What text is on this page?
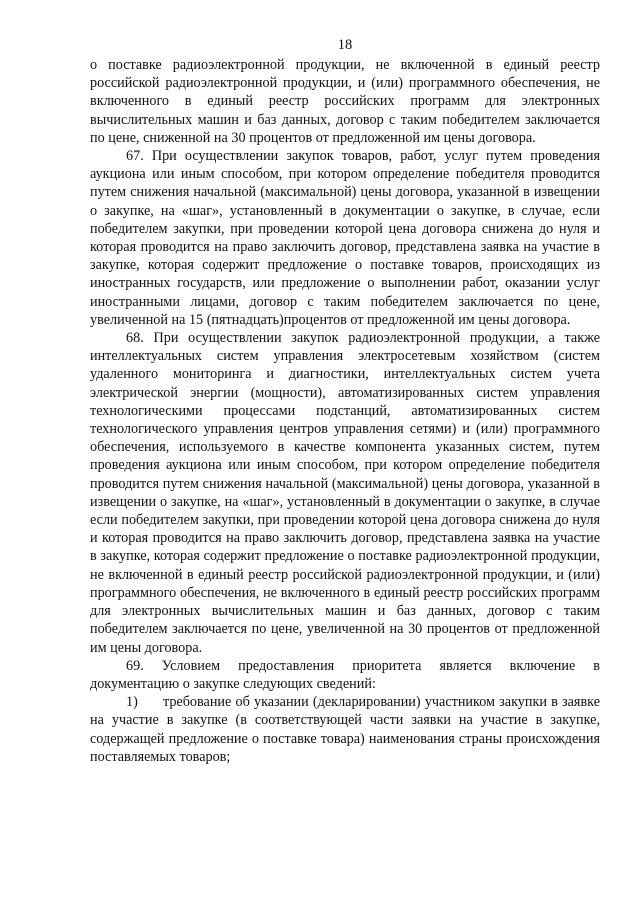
18

о поставке радиоэлектронной продукции, не включенной в единый реестр российской радиоэлектронной продукции, и (или) программного обеспечения, не включенного в единый реестр российских программ для электронных вычислительных машин и баз данных, договор с таким победителем заключается по цене, сниженной на 30 процентов от предложенной им цены договора.

67. При осуществлении закупок товаров, работ, услуг путем проведения аукциона или иным способом, при котором определение победителя проводится путем снижения начальной (максимальной) цены договора, указанной в извещении о закупке, на «шаг», установленный в документации о закупке, в случае, если победителем закупки, при проведении которой цена договора снижена до нуля и которая проводится на право заключить договор, представлена заявка на участие в закупке, которая содержит предложение о поставке товаров, происходящих из иностранных государств, или предложение о выполнении работ, оказании услуг иностранными лицами, договор с таким победителем заключается по цене, увеличенной на 15 (пятнадцать)процентов от предложенной им цены договора.

68. При осуществлении закупок радиоэлектронной продукции, а также интеллектуальных систем управления электросетевым хозяйством (систем удаленного мониторинга и диагностики, интеллектуальных систем учета электрической энергии (мощности), автоматизированных систем управления технологическими процессами подстанций, автоматизированных систем технологического управления центров управления сетями) и (или) программного обеспечения, используемого в качестве компонента указанных систем, путем проведения аукциона или иным способом, при котором определение победителя проводится путем снижения начальной (максимальной) цены договора, указанной в извещении о закупке, на «шаг», установленный в документации о закупке, в случае если победителем закупки, при проведении которой цена договора снижена до нуля и которая проводится на право заключить договор, представлена заявка на участие в закупке, которая содержит предложение о поставке радиоэлектронной продукции, не включенной в единый реестр российской радиоэлектронной продукции, и (или) программного обеспечения, не включенного в единый реестр российских программ для электронных вычислительных машин и баз данных, договор с таким победителем заключается по цене, увеличенной на 30 процентов от предложенной им цены договора.

69. Условием предоставления приоритета является включение в документацию о закупке следующих сведений:

1)      требование об указании (декларировании) участником закупки в заявке на участие в закупке (в соответствующей части заявки на участие в закупке, содержащей предложение о поставке товара) наименования страны происхождения поставляемых товаров;
